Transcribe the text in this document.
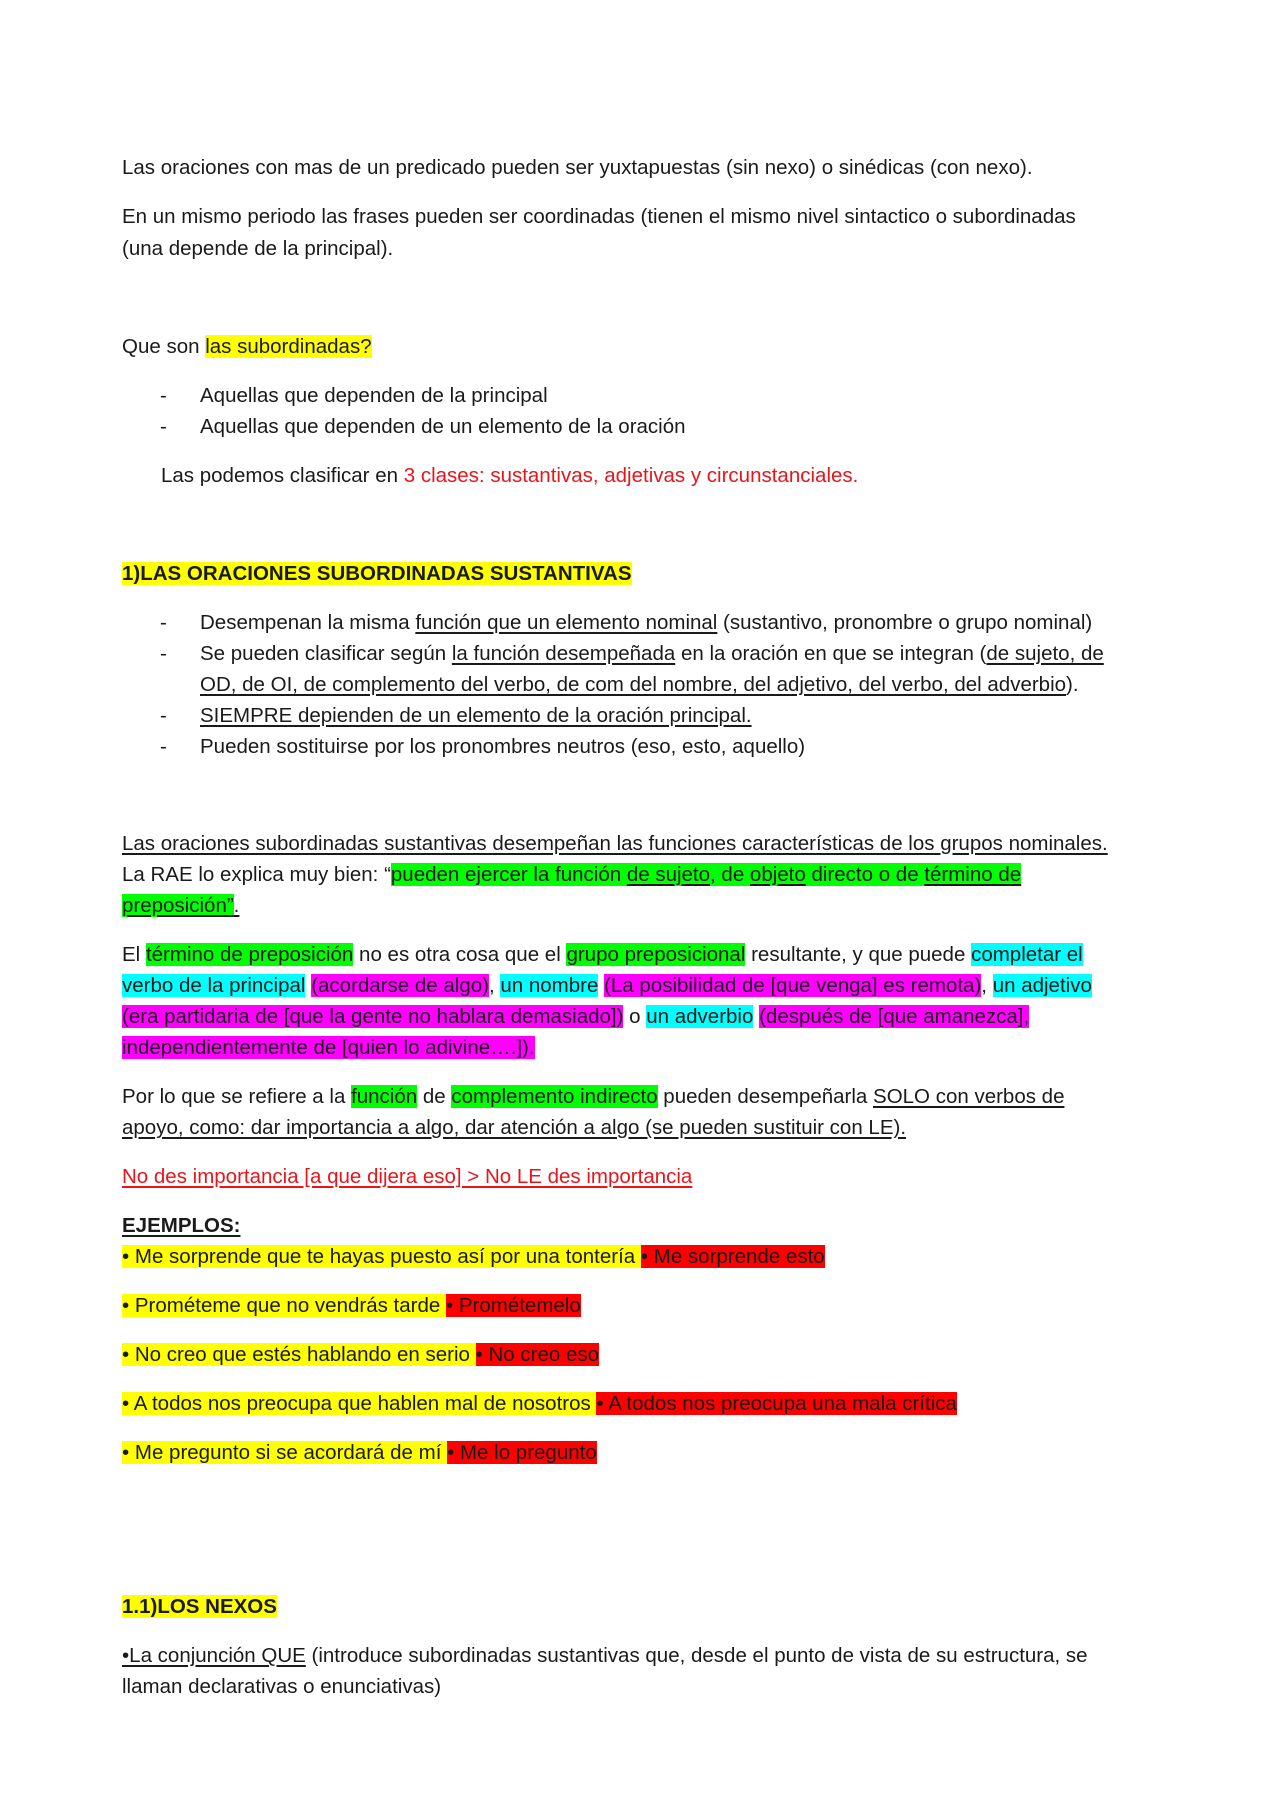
Las oraciones con mas de un predicado pueden ser yuxtapuestas (sin nexo) o sinédicas (con nexo).
En un mismo periodo las frases pueden ser coordinadas (tienen el mismo nivel sintactico o subordinadas
(una depende de la principal).
Que son las subordinadas?
- Aquellas que dependen de la principal
- Aquellas que dependen de un elemento de la oración
Las podemos clasificar en 3 clases: sustantivas, adjetivas y circunstanciales.
1)LAS ORACIONES SUBORDINADAS SUSTANTIVAS
- Desempenan la misma función que un elemento nominal (sustantivo, pronombre o grupo nominal)
- Se pueden clasificar según la función desempeñada en la oración en que se integran (de sujeto, de
OD, de OI, de complemento del verbo, de com del nombre, del adjetivo, del verbo, del adverbio).
- SIEMPRE depienden de un elemento de la oración principal.
- Pueden sostituirse por los pronombres neutros (eso, esto, aquello)
Las oraciones subordinadas sustantivas desempeñan las funciones características de los grupos nominales.
La RAE lo explica muy bien: “pueden ejercer la función de sujeto, de objeto directo o de término de
preposición”.
El término de preposición no es otra cosa que el grupo preposicional resultante, y que puede completar el
verbo de la principal (acordarse de algo), un nombre (La posibilidad de [que venga] es remota), un adjetivo
(era partidaria de [que la gente no hablara demasiado]) o un adverbio (después de [que amanezca],
independientemente de [quien lo adivine….]).
Por lo que se refiere a la función de complemento indirecto pueden desempeñarla SOLO con verbos de
apoyo, como: dar importancia a algo, dar atención a algo (se pueden sustituir con LE).
No des importancia [a que dijera eso] > No LE des importancia
EJEMPLOS:
• Me sorprende que te hayas puesto así por una tontería • Me sorprende esto
• Prométeme que no vendrás tarde • Prométemelo
• No creo que estés hablando en serio • No creo eso
• A todos nos preocupa que hablen mal de nosotros • A todos nos preocupa una mala crítica
• Me pregunto si se acordará de mí • Me lo pregunto
1.1)LOS NEXOS
•La conjunción QUE (introduce subordinadas sustantivas que, desde el punto de vista de su estructura, se
llaman declarativas o enunciativas)
